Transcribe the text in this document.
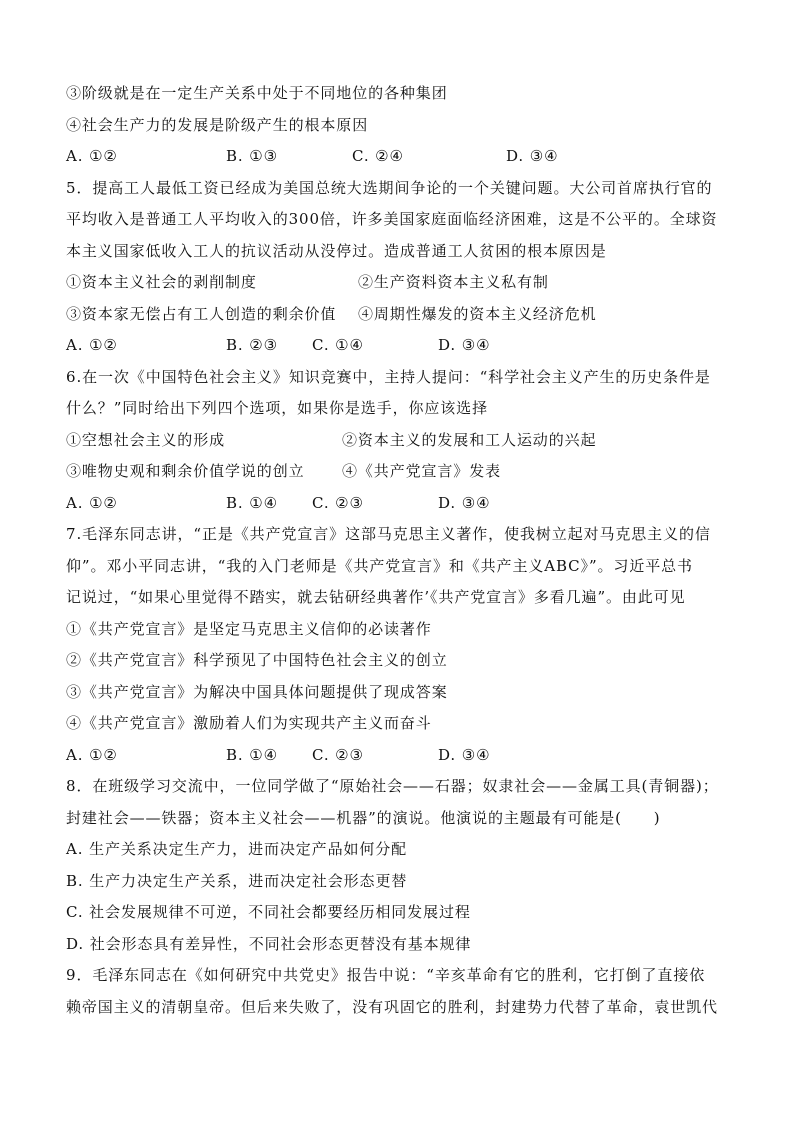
③阶级就是在一定生产关系中处于不同地位的各种集团
④社会生产力的发展是阶级产生的根本原因
A. ①②	B. ①③	C. ②④	D. ③④
5．提高工人最低工资已经成为美国总统大选期间争论的一个关键问题。大公司首席执行官的
平均收入是普通工人平均收入的300倍，许多美国家庭面临经济困难，这是不公平的。全球资
本主义国家低收入工人的抗议活动从没停过。造成普通工人贫困的根本原因是
①资本主义社会的剥削制度	②生产资料资本主义私有制
③资本家无偿占有工人创造的剩余价值 ④周期性爆发的资本主义经济危机
A. ①②	B. ②③ C. ①④	D. ③④
6.在一次《中国特色社会主义》知识竞赛中，主持人提问：“科学社会主义产生的历史条件是
什么？”同时给出下列四个选项，如果你是选手，你应该选择
①空想社会主义的形成	②资本主义的发展和工人运动的兴起
③唯物史观和剩余价值学说的创立 ④《共产党宣言》发表
A. ①②	B. ①④ C. ②③	D. ③④
7.毛泽东同志讲，“正是《共产党宣言》这部马克思主义著作，使我树立起对马克思主义的信
仰”。邓小平同志讲，“我的入门老师是《共产党宣言》和《共产主义ABC》”。习近平总书
记说过，“如果心里觉得不踏实，就去钻研经典著作’《共产党宣言》多看几遍”。由此可见
①《共产党宣言》是坚定马克思主义信仰的必读著作
②《共产党宣言》科学预见了中国特色社会主义的创立
③《共产党宣言》为解决中国具体问题提供了现成答案
④《共产党宣言》激励着人们为实现共产主义而奋斗
A. ①②	B. ①④ C. ②③	D. ③④
8．在班级学习交流中，一位同学做了“原始社会——石器；奴隶社会——金属工具(青铜器)；
封建社会——铁器；资本主义社会——机器”的演说。他演说的主题最有可能是(　　)
A. 生产关系决定生产力，进而决定产品如何分配
B. 生产力决定生产关系，进而决定社会形态更替
C. 社会发展规律不可逆，不同社会都要经历相同发展过程
D. 社会形态具有差异性，不同社会形态更替没有基本规律
9．毛泽东同志在《如何研究中共党史》报告中说：“辛亥革命有它的胜利，它打倒了直接依
赖帝国主义的清朝皇帝。但后来失败了，没有巩固它的胜利，封建势力代替了革命，袁世凯代
